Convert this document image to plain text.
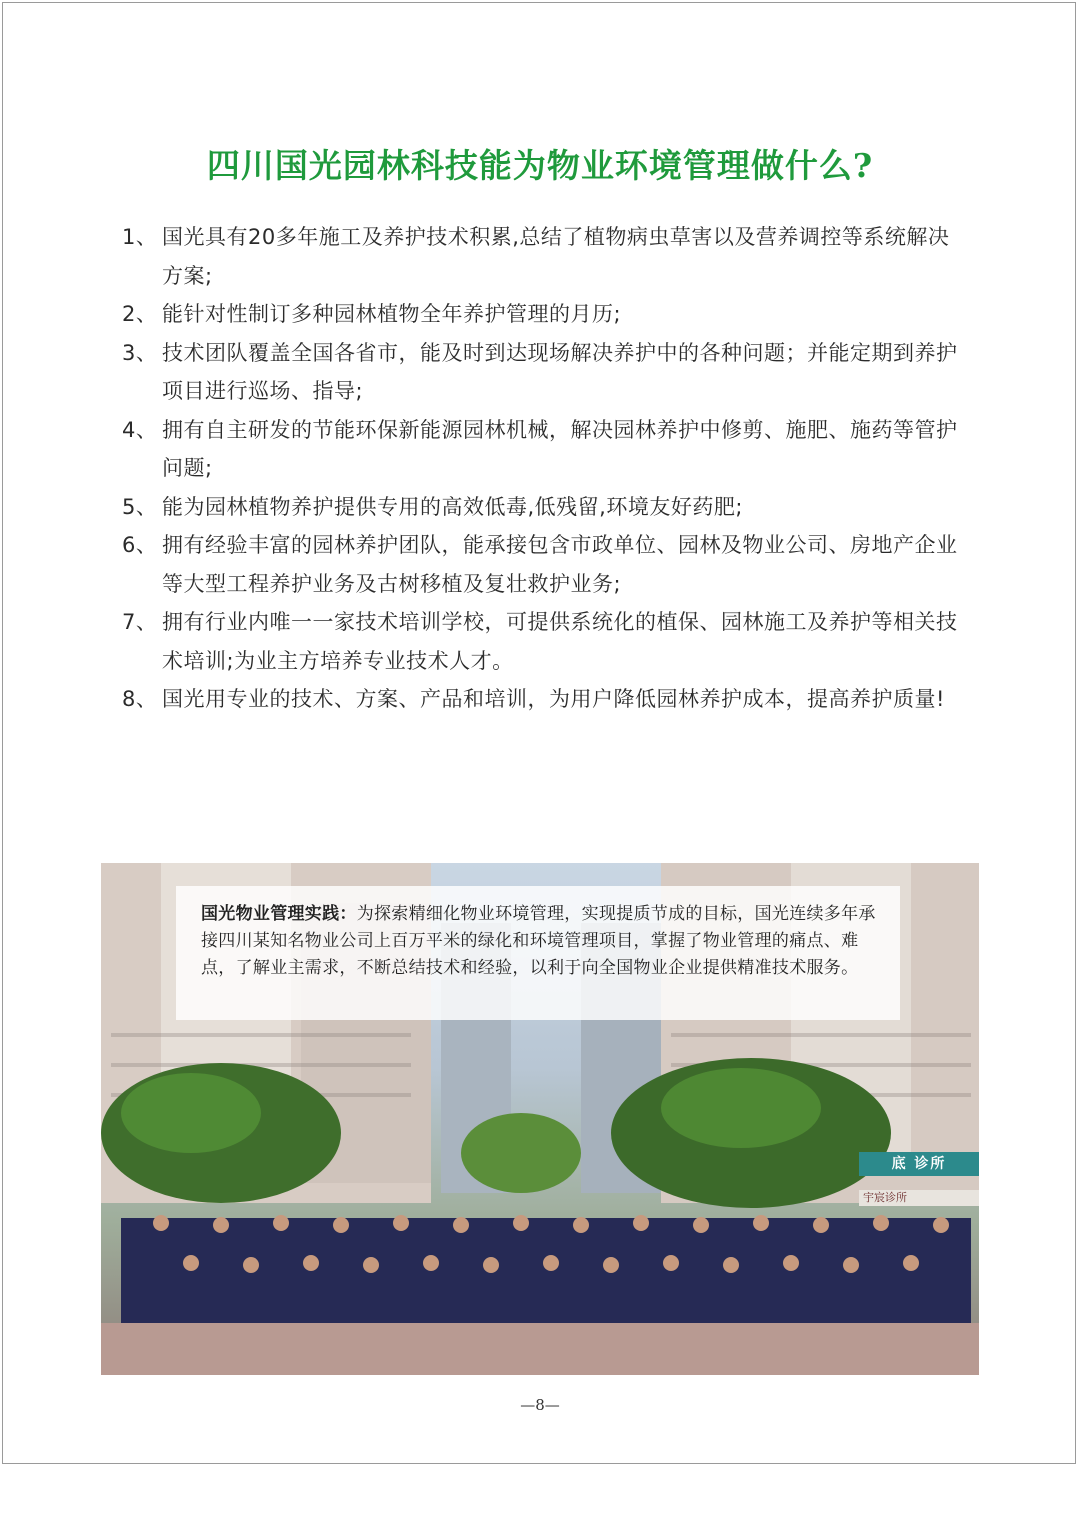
四川国光园林科技能为物业环境管理做什么?
1、 国光具有20多年施工及养护技术积累,总结了植物病虫草害以及营养调控等系统解决方案;
2、 能针对性制订多种园林植物全年养护管理的月历;
3、 技术团队覆盖全国各省市，能及时到达现场解决养护中的各种问题；并能定期到养护项目进行巡场、指导;
4、 拥有自主研发的节能环保新能源园林机械，解决园林养护中修剪、施肥、施药等管护问题;
5、 能为园林植物养护提供专用的高效低毒,低残留,环境友好药肥;
6、 拥有经验丰富的园林养护团队，能承接包含市政单位、园林及物业公司、房地产企业等大型工程养护业务及古树移植及复壮救护业务;
7、 拥有行业内唯一一家技术培训学校，可提供系统化的植保、园林施工及养护等相关技术培训;为业主方培养专业技术人才。
8、 国光用专业的技术、方案、产品和培训，为用户降低园林养护成本，提高养护质量!

国光物业管理实践：为探索精细化物业环境管理，实现提质节成的目标，国光连续多年承接四川某知名物业公司上百万平米的绿化和环境管理项目，掌握了物业管理的痛点、难点，了解业主需求，不断总结技术和经验，以利于向全国物业企业提供精准技术服务。

底 诊所
宇宸诊所
—8—
